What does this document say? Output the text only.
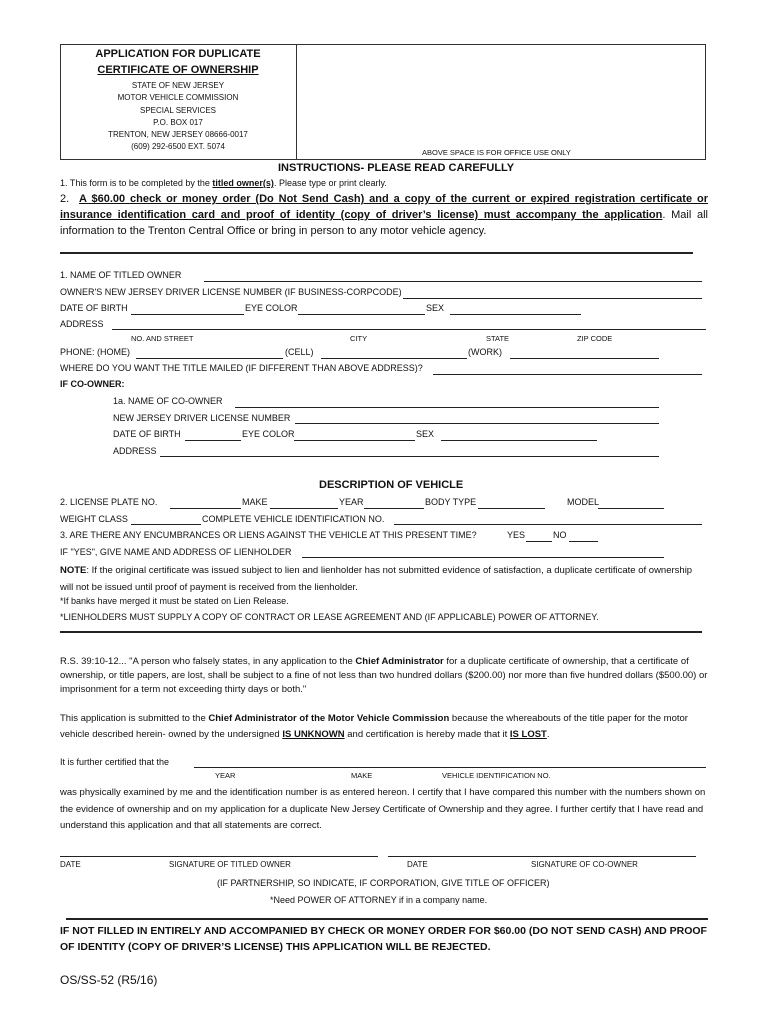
APPLICATION FOR DUPLICATE
CERTIFICATE OF OWNERSHIP
STATE OF NEW JERSEY
MOTOR VEHICLE COMMISSION
SPECIAL SERVICES
P.O. BOX 017
TRENTON, NEW JERSEY 08666-0017
(609) 292-6500 EXT. 5074
ABOVE SPACE IS FOR OFFICE USE ONLY
INSTRUCTIONS- PLEASE READ CAREFULLY
1. This form is to be completed by the titled owner(s). Please type or print clearly.
2. A $60.00 check or money order (Do Not Send Cash) and a copy of the current or expired registration certificate or insurance identification card and proof of identity (copy of driver’s license) must accompany the application. Mail all information to the Trenton Central Office or bring in person to any motor vehicle agency.
1. NAME OF TITLED OWNER
OWNER'S NEW JERSEY DRIVER LICENSE NUMBER (IF BUSINESS-CORPCODE)
DATE OF BIRTH	EYE COLOR	SEX
ADDRESS
NO. AND STREET	CITY	STATE	ZIP CODE
PHONE: (HOME)	(CELL)	(WORK)
WHERE DO YOU WANT THE TITLE MAILED (IF DIFFERENT THAN ABOVE ADDRESS)?
IF CO-OWNER:
1a. NAME OF CO-OWNER
NEW JERSEY DRIVER LICENSE NUMBER
DATE OF BIRTH	EYE COLOR	SEX
ADDRESS
DESCRIPTION OF VEHICLE
2. LICENSE PLATE NO.	MAKE	YEAR	BODY TYPE	MODEL
WEIGHT CLASS	COMPLETE VEHICLE IDENTIFICATION NO.
3. ARE THERE ANY ENCUMBRANCES OR LIENS AGAINST THE VEHICLE AT THIS PRESENT TIME?	YES	NO
IF "YES", GIVE NAME AND ADDRESS OF LIENHOLDER
NOTE: If the original certificate was issued subject to lien and lienholder has not submitted evidence of satisfaction, a duplicate certificate of ownership will not be issued until proof of payment is received from the lienholder.
*If banks have merged it must be stated on Lien Release.
*LIENHOLDERS MUST SUPPLY A COPY OF CONTRACT OR LEASE AGREEMENT AND (IF APPLICABLE) POWER OF ATTORNEY.
R.S. 39:10-12... "A person who falsely states, in any application to the Chief Administrator for a duplicate certificate of ownership, that a certificate of ownership, or title papers, are lost, shall be subject to a fine of not less than two hundred dollars ($200.00) nor more than five hundred dollars ($500.00) or imprisonment for a term not exceeding thirty days or both."
This application is submitted to the Chief Administrator of the Motor Vehicle Commission because the whereabouts of the title paper for the motor vehicle described herein- owned by the undersigned IS UNKNOWN and certification is hereby made that it IS LOST.
It is further certified that the
YEAR	MAKE	VEHICLE IDENTIFICATION NO.
was physically examined by me and the identification number is as entered hereon. I certify that I have compared this number with the numbers shown on the evidence of ownership and on my application for a duplicate New Jersey Certificate of Ownership and they agree. I further certify that I have read and understand this application and that all statements are correct.
DATE	SIGNATURE OF TITLED OWNER	DATE	SIGNATURE OF CO-OWNER
(IF PARTNERSHIP, SO INDICATE, IF CORPORATION, GIVE TITLE OF OFFICER)
*Need POWER OF ATTORNEY if in a company name.
IF NOT FILLED IN ENTIRELY AND ACCOMPANIED BY CHECK OR MONEY ORDER FOR $60.00 (DO NOT SEND CASH) AND PROOF OF IDENTITY (COPY OF DRIVER’S LICENSE) THIS APPLICATION WILL BE REJECTED.
OS/SS-52 (R5/16)
